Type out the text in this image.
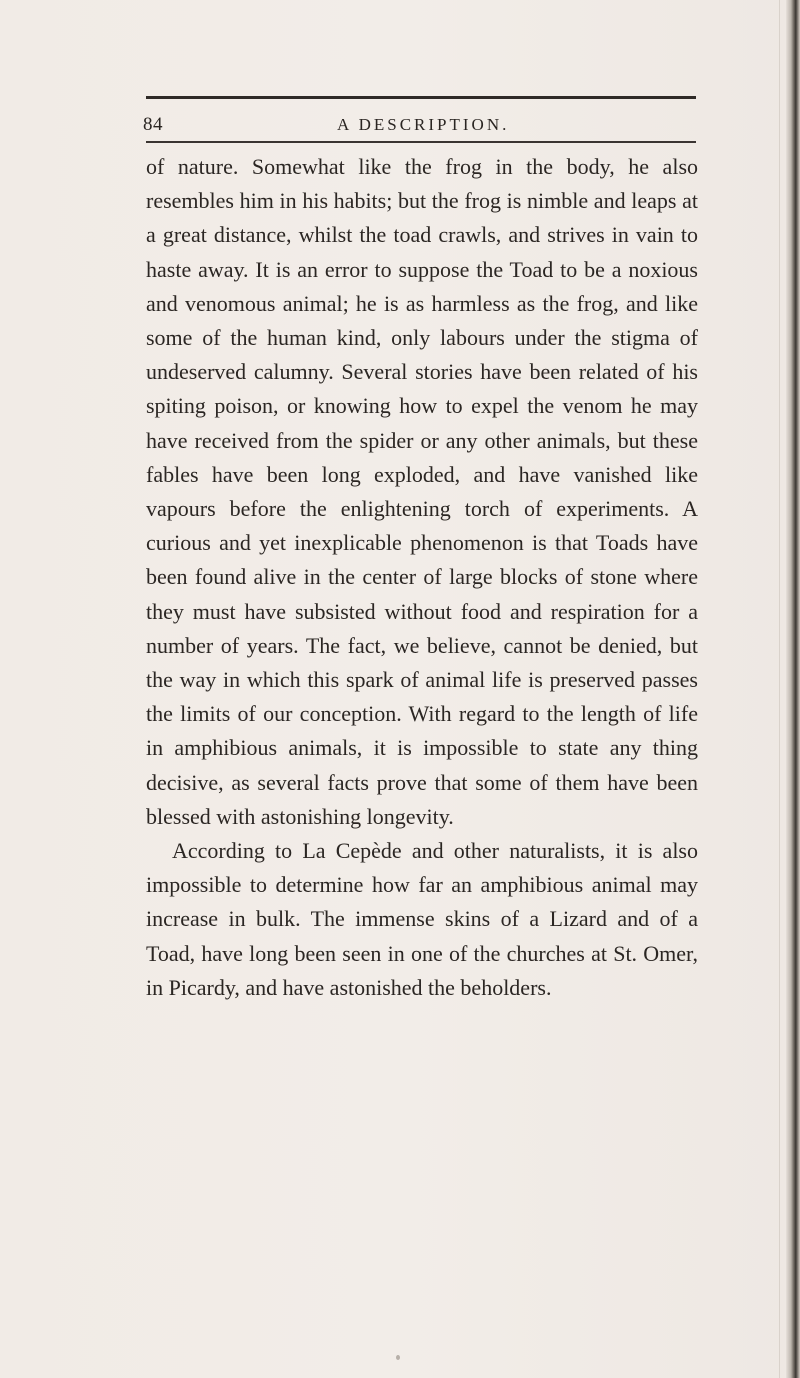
84	A DESCRIPTION.

of nature. Somewhat like the frog in the body, he also resembles him in his habits; but the frog is nimble and leaps at a great distance, whilst the toad crawls, and strives in vain to haste away. It is an error to suppose the Toad to be a noxious and venomous animal; he is as harmless as the frog, and like some of the human kind, only labours under the stigma of undeserved calumny. Several stories have been related of his spiting poison, or knowing how to expel the venom he may have received from the spider or any other animals, but these fables have been long exploded, and have vanished like vapours before the enlightening torch of experiments. A curious and yet inexplicable phenomenon is that Toads have been found alive in the center of large blocks of stone where they must have subsisted without food and respiration for a number of years. The fact, we believe, cannot be denied, but the way in which this spark of animal life is preserved passes the limits of our conception. With regard to the length of life in amphibious animals, it is impossible to state any thing decisive, as several facts prove that some of them have been blessed with astonishing longevity.

According to La Cepède and other naturalists, it is also impossible to determine how far an amphibious animal may increase in bulk. The immense skins of a Lizard and of a Toad, have long been seen in one of the churches at St. Omer, in Picardy, and have astonished the beholders.
